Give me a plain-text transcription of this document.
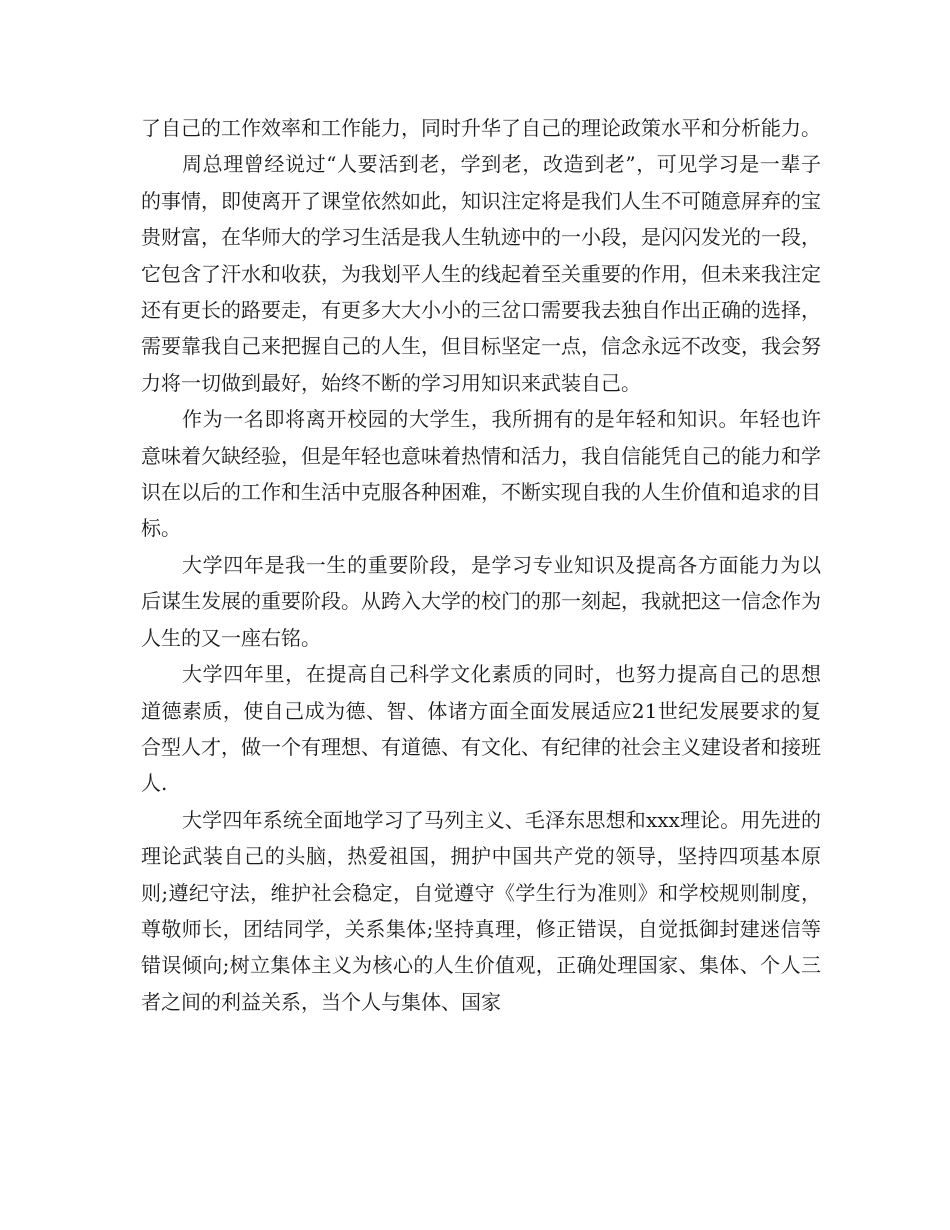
了自己的工作效率和工作能力，同时升华了自己的理论政策水平和分析能力。

周总理曾经说过“人要活到老，学到老，改造到老”，可见学习是一辈子的事情，即使离开了课堂依然如此，知识注定将是我们人生不可随意屏弃的宝贵财富，在华师大的学习生活是我人生轨迹中的一小段，是闪闪发光的一段，它包含了汗水和收获，为我划平人生的线起着至关重要的作用，但未来我注定还有更长的路要走，有更多大大小小的三岔口需要我去独自作出正确的选择，需要靠我自己来把握自己的人生，但目标坚定一点，信念永远不改变，我会努力将一切做到最好，始终不断的学习用知识来武装自己。

作为一名即将离开校园的大学生，我所拥有的是年轻和知识。年轻也许意味着欠缺经验，但是年轻也意味着热情和活力，我自信能凭自己的能力和学识在以后的工作和生活中克服各种困难，不断实现自我的人生价值和追求的目标。

大学四年是我一生的重要阶段，是学习专业知识及提高各方面能力为以后谋生发展的重要阶段。从跨入大学的校门的那一刻起，我就把这一信念作为人生的又一座右铭。

大学四年里，在提高自己科学文化素质的同时，也努力提高自己的思想道德素质，使自己成为德、智、体诸方面全面发展适应21世纪发展要求的复合型人才，做一个有理想、有道德、有文化、有纪律的社会主义建设者和接班人.

大学四年系统全面地学习了马列主义、毛泽东思想和xxx理论。用先进的理论武装自己的头脑，热爱祖国，拥护中国共产党的领导，坚持四项基本原则;遵纪守法，维护社会稳定，自觉遵守《学生行为准则》和学校规则制度，尊敬师长，团结同学，关系集体;坚持真理，修正错误，自觉抵御封建迷信等错误倾向;树立集体主义为核心的人生价值观，正确处理国家、集体、个人三者之间的利益关系，当个人与集体、国家
